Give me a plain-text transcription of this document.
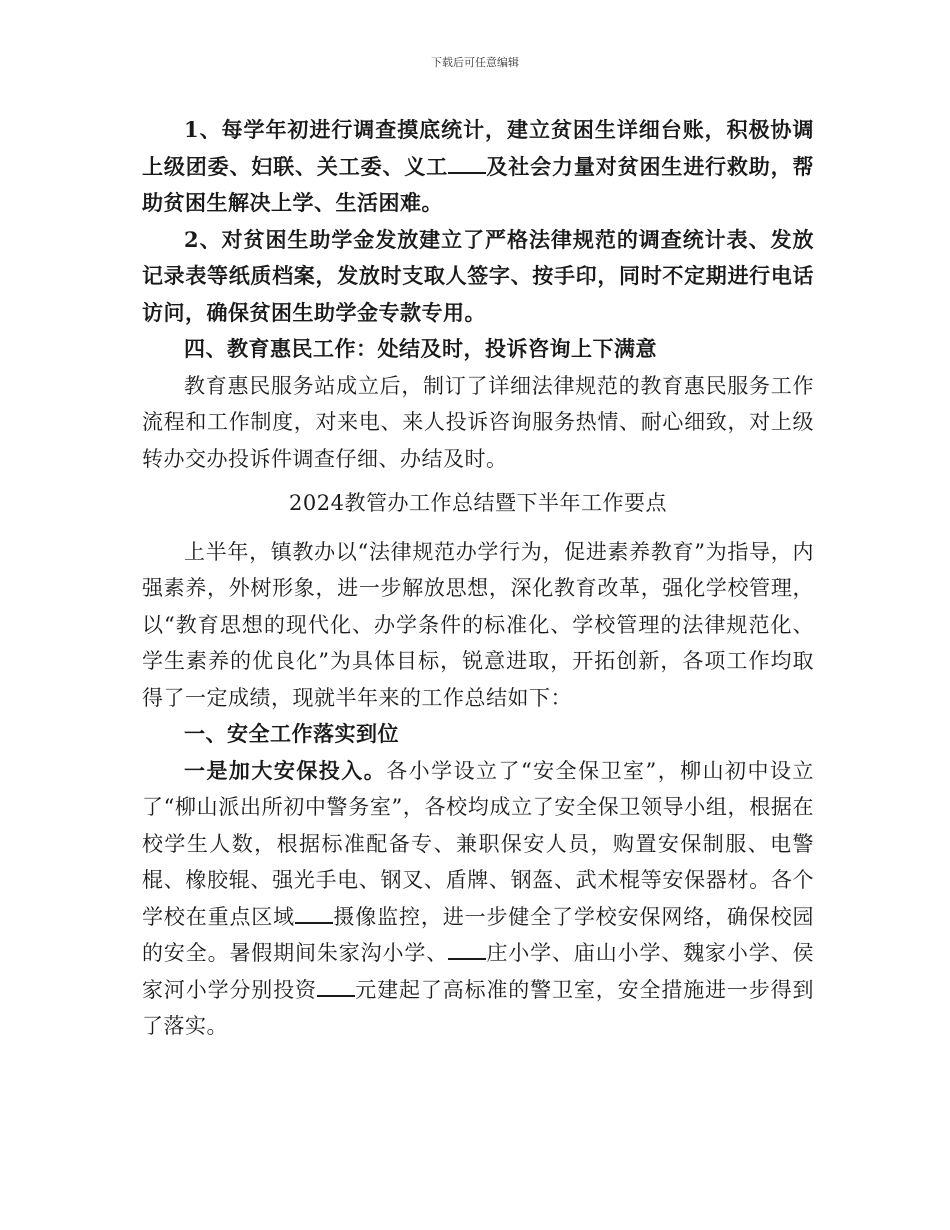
下载后可任意编辑

1、每学年初进行调查摸底统计，建立贫困生详细台账，积极协调上级团委、妇联、关工委、义工 及社会力量对贫困生进行救助，帮助贫困生解决上学、生活困难。

2、对贫困生助学金发放建立了严格法律规范的调查统计表、发放记录表等纸质档案，发放时支取人签字、按手印，同时不定期进行电话访问，确保贫困生助学金专款专用。

四、教育惠民工作：处结及时，投诉咨询上下满意

教育惠民服务站成立后，制订了详细法律规范的教育惠民服务工作流程和工作制度，对来电、来人投诉咨询服务热情、耐心细致，对上级转办交办投诉件调查仔细、办结及时。

2024教管办工作总结暨下半年工作要点

上半年，镇教办以“法律规范办学行为，促进素养教育”为指导，内强素养，外树形象，进一步解放思想，深化教育改革，强化学校管理，以“教育思想的现代化、办学条件的标准化、学校管理的法律规范化、学生素养的优良化”为具体目标，锐意进取，开拓创新，各项工作均取得了一定成绩，现就半年来的工作总结如下：

一、安全工作落实到位

一是加大安保投入。各小学设立了“安全保卫室”，柳山初中设立了“柳山派出所初中警务室”，各校均成立了安全保卫领导小组，根据在校学生人数，根据标准配备专、兼职保安人员，购置安保制服、电警棍、橡胶辊、强光手电、钢叉、盾牌、钢盔、武术棍等安保器材。各个学校在重点区域 摄像监控，进一步健全了学校安保网络，确保校园的安全。暑假期间朱家沟小学、 庄小学、庙山小学、魏家小学、侯家河小学分别投资 元建起了高标准的警卫室，安全措施进一步得到了落实。
